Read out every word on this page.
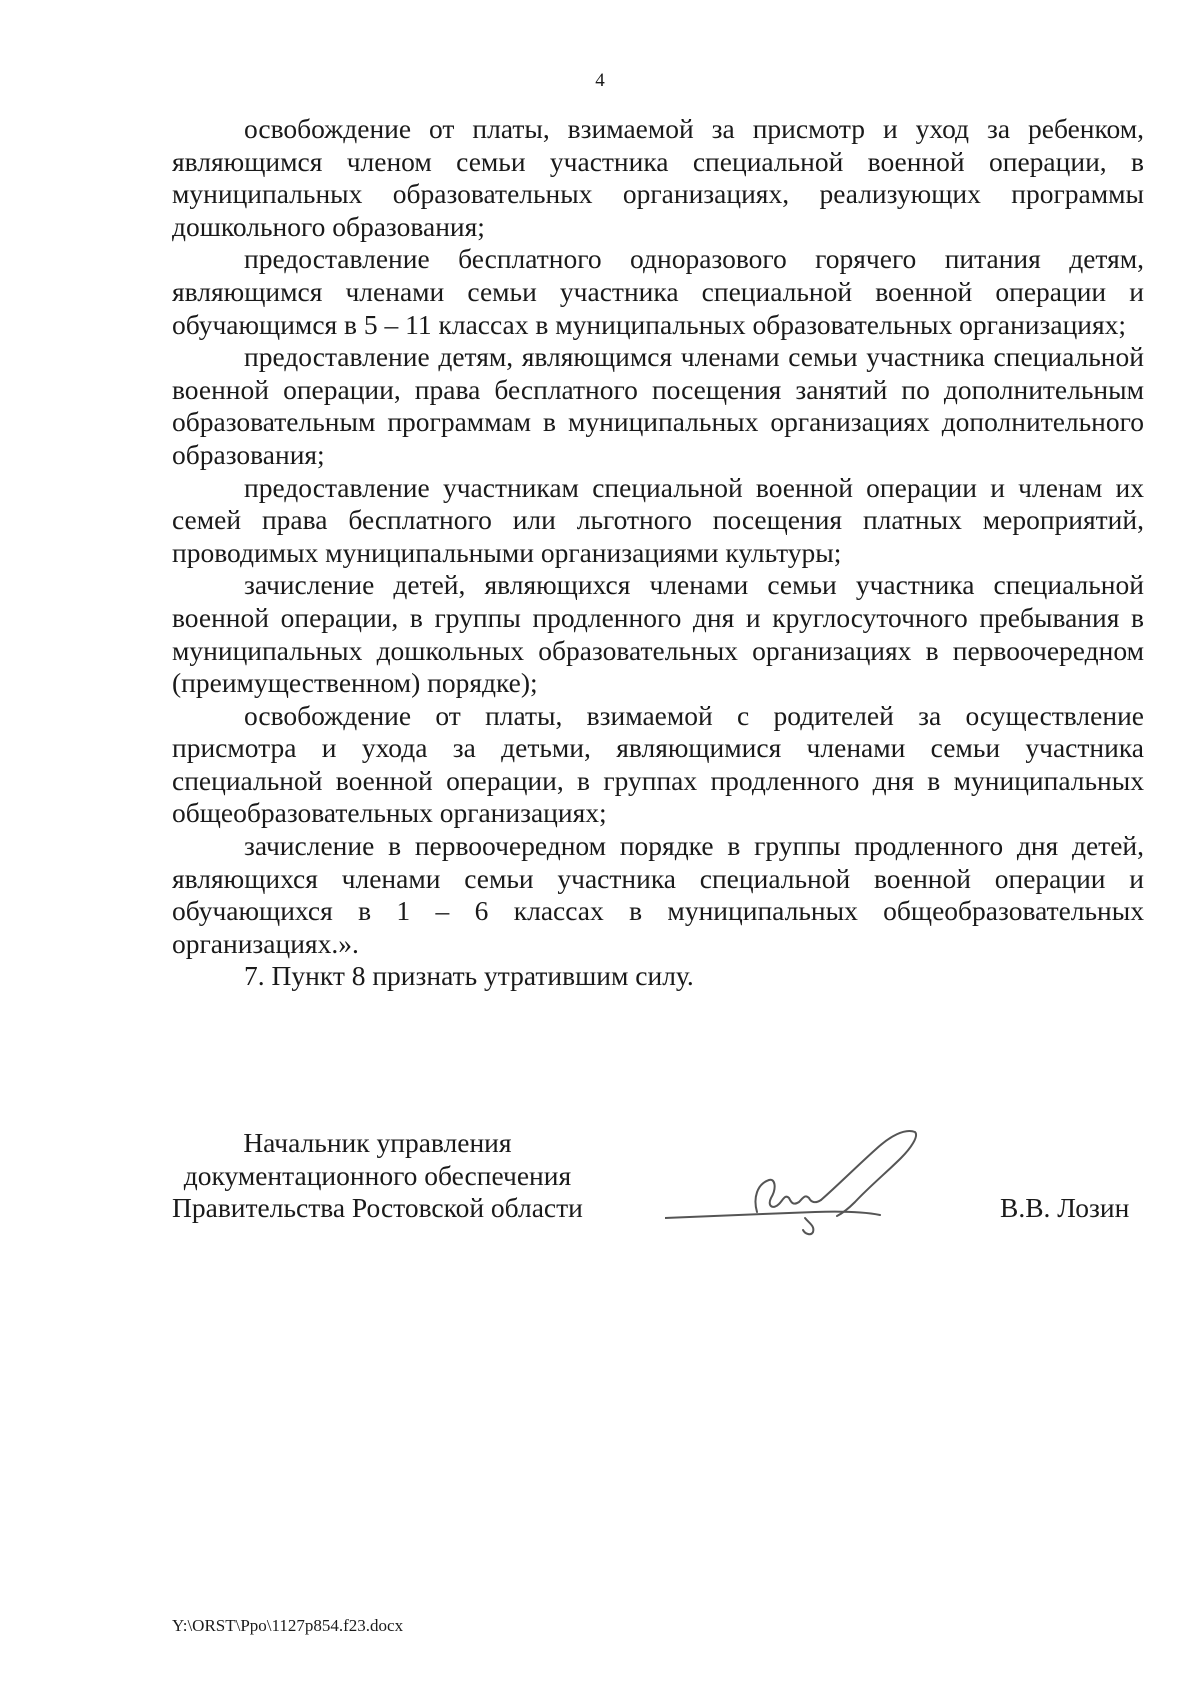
4

освобождение от платы, взимаемой за присмотр и уход за ребенком, являющимся членом семьи участника специальной военной операции, в муниципальных образовательных организациях, реализующих программы дошкольного образования;

предоставление бесплатного одноразового горячего питания детям, являющимся членами семьи участника специальной военной операции и обучающимся в 5 – 11 классах в муниципальных образовательных организациях;

предоставление детям, являющимся членами семьи участника специальной военной операции, права бесплатного посещения занятий по дополнительным образовательным программам в муниципальных организациях дополнительного образования;

предоставление участникам специальной военной операции и членам их семей права бесплатного или льготного посещения платных мероприятий, проводимых муниципальными организациями культуры;

зачисление детей, являющихся членами семьи участника специальной военной операции, в группы продленного дня и круглосуточного пребывания в муниципальных дошкольных образовательных организациях в первоочередном (преимущественном) порядке);

освобождение от платы, взимаемой с родителей за осуществление присмотра и ухода за детьми, являющимися членами семьи участника специальной военной операции, в группах продленного дня в муниципальных общеобразовательных организациях;

зачисление в первоочередном порядке в группы продленного дня детей, являющихся членами семьи участника специальной военной операции и обучающихся в 1 – 6 классах в муниципальных общеобразовательных организациях.».

7. Пункт 8 признать утратившим силу.

Начальник управления
документационного обеспечения
Правительства Ростовской области	В.В. Лозин
Y:\ORST\Ppo\1127p854.f23.docx
